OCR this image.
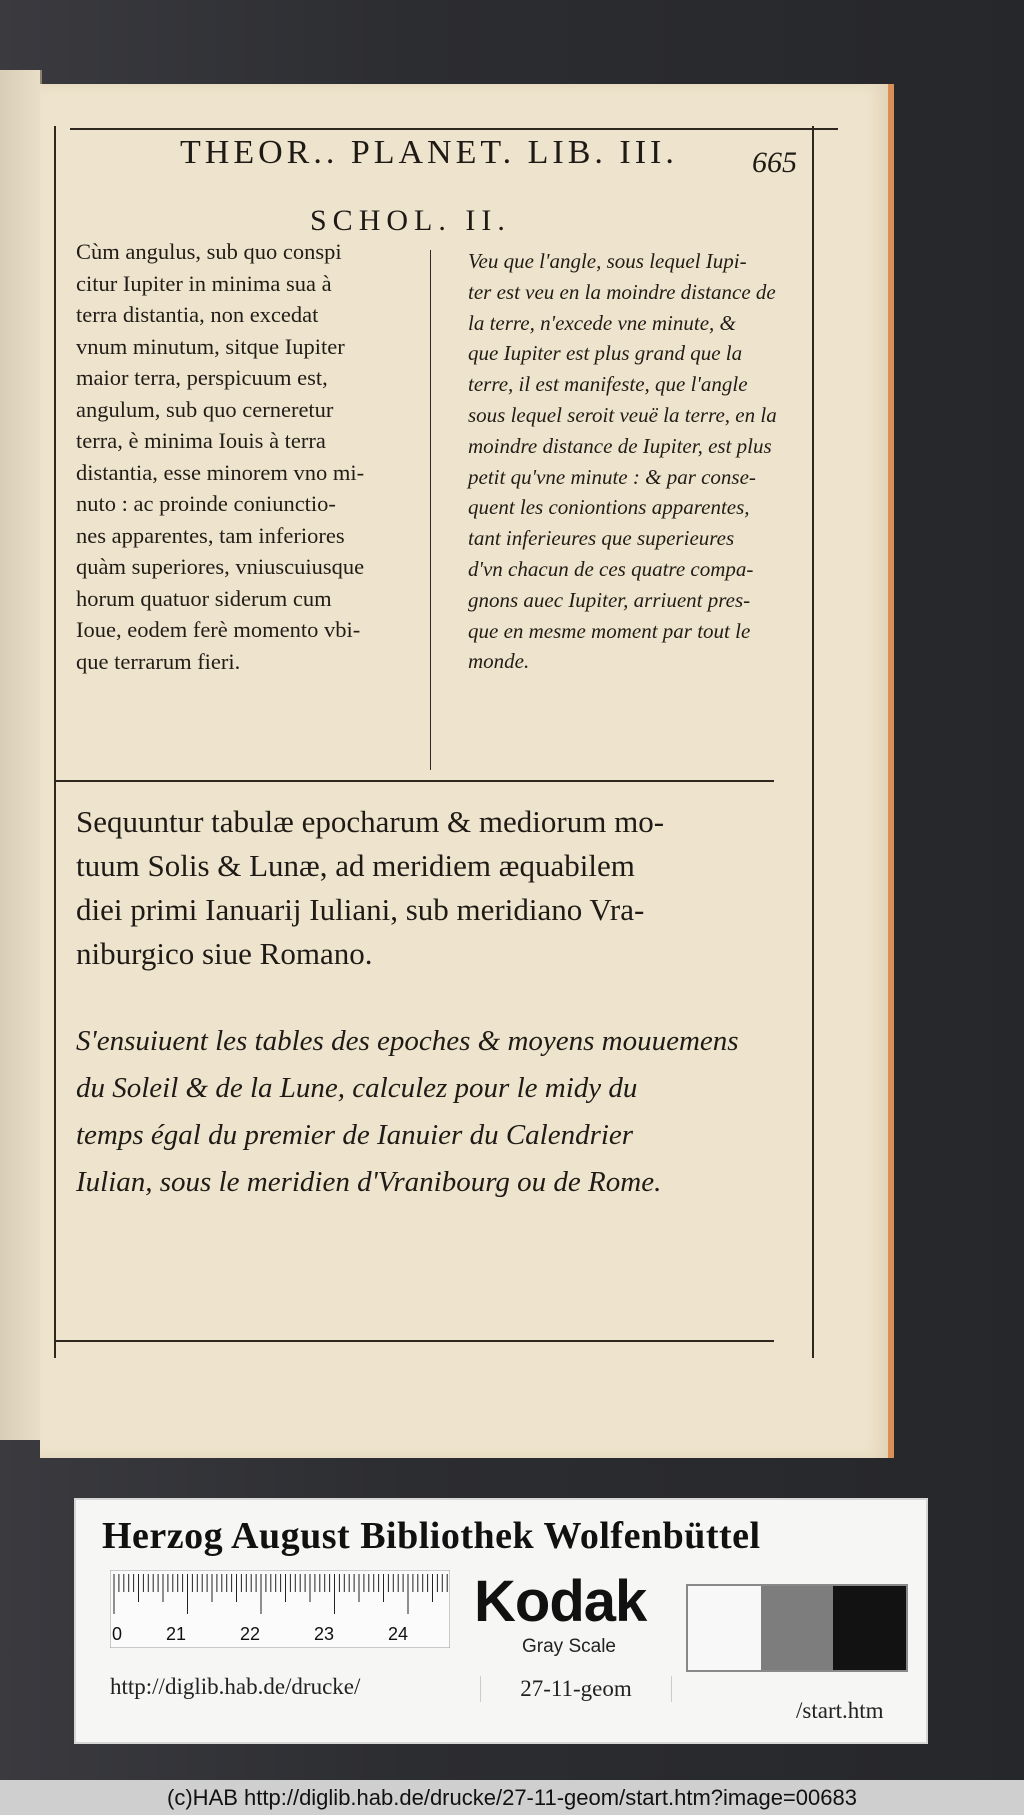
THEOR.. PLANET. LIB. III. 665
SCHOL. II.
Cùm angulus, sub quo conspi
citur Iupiter in minima sua à
terra distantia, non excedat
vnum minutum, sitque Iupiter
maior terra, perspicuum est,
angulum, sub quo cerneretur
terra, è minima Iouis à terra
distantia, esse minorem vno mi-
nuto : ac proinde coniunctio-
nes apparentes, tam inferiores
quàm superiores, vniuscuiusque
horum quatuor siderum cum
Ioue, eodem ferè momento vbi-
que terrarum fieri.
Veu que l'angle, sous lequel Iupi-
ter est veu en la moindre distance de
la terre, n'excede vne minute, &
que Iupiter est plus grand que la
terre, il est manifeste, que l'angle
sous lequel seroit veuë la terre, en la
moindre distance de Iupiter, est plus
petit qu'vne minute : & par conse-
quent les coniontions apparentes,
tant inferieures que superieures
d'vn chacun de ces quatre compa-
gnons auec Iupiter, arriuent pres-
que en mesme moment par tout le
monde.
Sequuntur tabulæ epocharum & mediorum mo-
tuum Solis & Lunæ, ad meridiem æquabilem
diei primi Ianuarij Iuliani, sub meridiano Vra-
niburgico siue Romano.
S'ensuiuent les tables des epoches & moyens mouuemens
du Soleil & de la Lune, calculez pour le midy du
temps égal du premier de Ianuier du Calendrier
Iulian, sous le meridien d'Vranibourg ou de Rome.
Herzog August Bibliothek Wolfenbüttel
0 21	22	23	24 Kodak
Gray Scale
http://diglib.hab.de/drucke/	27-11-geom
/start.htm
(c)HAB http://diglib.hab.de/drucke/27-11-geom/start.htm?image=00683
